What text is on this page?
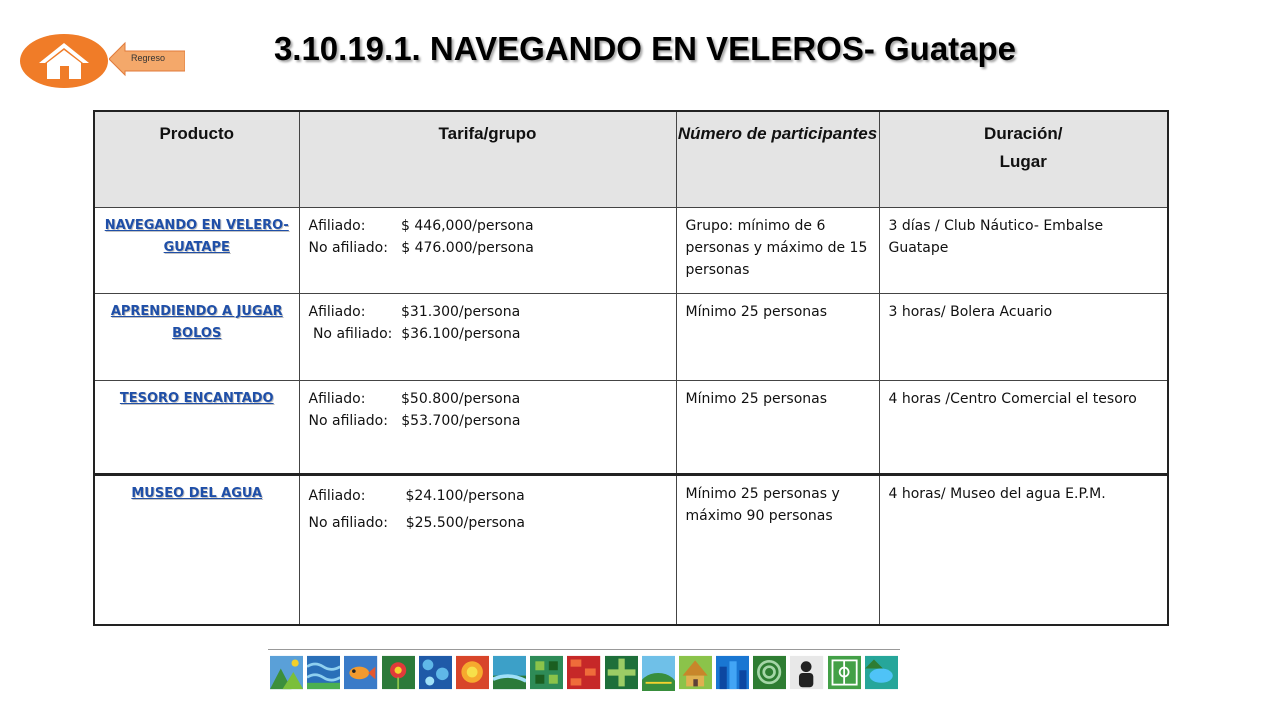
Regreso	3.10.19.1. NAVEGANDO EN VELEROS- Guatape
Producto	Tarifa/grupo	Número de participantes	Duración/
Lugar

NAVEGANDO EN VELERO- GUATAPE	Afiliado:        $ 446,000/persona
No afiliado:   $ 476.000/persona	Grupo: mínimo de 6 personas y máximo de 15 personas	3 días / Club Náutico- Embalse Guatape
APRENDIENDO A JUGAR BOLOS	Afiliado:        $31.300/persona
No afiliado:  $36.100/persona	Mínimo 25 personas	3 horas/ Bolera Acuario
TESORO ENCANTADO	Afiliado:        $50.800/persona
No afiliado:   $53.700/persona	Mínimo 25 personas	4 horas /Centro Comercial el tesoro
MUSEO DEL AGUA	Afiliado:         $24.100/persona
No afiliado:    $25.500/persona	Mínimo 25 personas y máximo 90 personas	4 horas/ Museo del agua E.P.M.
